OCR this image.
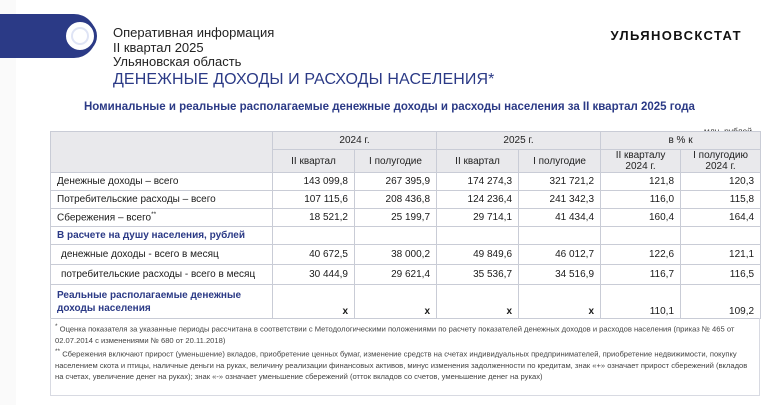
Оперативная информация
II квартал 2025
Ульяновская область
ДЕНЕЖНЫЕ ДОХОДЫ И РАСХОДЫ НАСЕЛЕНИЯ*
УЛЬЯНОВСКСТАТ
Номинальные и реальные располагаемые денежные доходы и расходы населения за II квартал 2025 года
	2024 г.		2025 г.		в % к	
	II квартал	I полугодие	II квартал	I полугодие	II кварталу 2024 г.	I полугодию 2024 г.
Денежные доходы – всего	143 099,8	267 395,9	174 274,3	321 721,2	121,8	120,3
Потребительские расходы – всего	107 115,6	208 436,8	124 236,4	241 342,3	116,0	115,8
Сбережения – всего**	18 521,2	25 199,7	29 714,1	41 434,4	160,4	164,4
В расчете на душу населения, рублей						
денежные доходы - всего в месяц	40 672,5	38 000,2	49 849,6	46 012,7	122,6	121,1
потребительские расходы - всего в месяц	30 444,9	29 621,4	35 536,7	34 516,9	116,7	116,5

Реальные располагаемые денежные
доходы населения	x	x	x	x	110,1	109,2

* Оценка показателя за указанные периоды рассчитана в соответствии с Методологическими положениями по расчету показателей денежных доходов и расходов населения (приказ № 465 от 02.07.2014 с изменениями № 680 от 20.11.2018)

** Сбережения включают прирост (уменьшение) вкладов, приобретение ценных бумаг, изменение средств на счетах индивидуальных предпринимателей, приобретение недвижимости, покупку населением скота и птицы, наличные деньги на руках, величину реализации финансовых активов, минус изменения задолженности по кредитам, знак «+» означает прирост сбережений (вкладов на счетах, увеличение денег на руках); знак «-» означает уменьшение сбережений (отток вкладов со счетов, уменьшение денег на руках)
